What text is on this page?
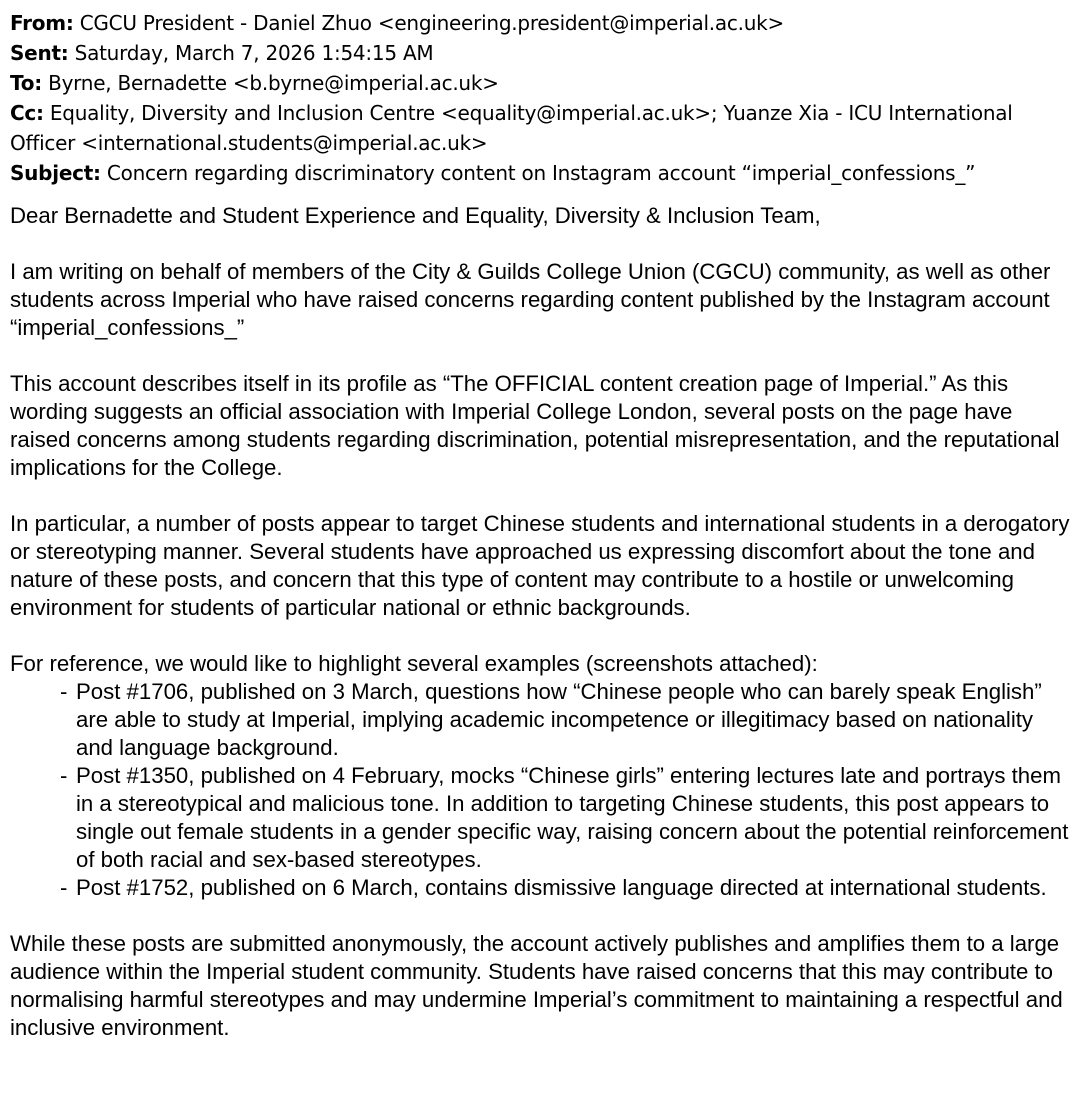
From: CGCU President - Daniel Zhuo <engineering.president@imperial.ac.uk>

Sent: Saturday, March 7, 2026 1:54:15 AM

To: Byrne, Bernadette <b.byrne@imperial.ac.uk>

Cc: Equality, Diversity and Inclusion Centre <equality@imperial.ac.uk>; Yuanze Xia - ICU International Officer <international.students@imperial.ac.uk>

Subject: Concern regarding discriminatory content on Instagram account “imperial_confessions_”

Dear Bernadette and Student Experience and Equality, Diversity & Inclusion Team,

I am writing on behalf of members of the City & Guilds College Union (CGCU) community, as well as other students across Imperial who have raised concerns regarding content published by the Instagram account “imperial_confessions_”

This account describes itself in its profile as “The OFFICIAL content creation page of Imperial.” As this wording suggests an official association with Imperial College London, several posts on the page have raised concerns among students regarding discrimination, potential misrepresentation, and the reputational implications for the College.

In particular, a number of posts appear to target Chinese students and international students in a derogatory or stereotyping manner. Several students have approached us expressing discomfort about the tone and nature of these posts, and concern that this type of content may contribute to a hostile or unwelcoming environment for students of particular national or ethnic backgrounds.

For reference, we would like to highlight several examples (screenshots attached):

- Post #1706, published on 3 March, questions how “Chinese people who can barely speak English” are able to study at Imperial, implying academic incompetence or illegitimacy based on nationality and language background.
- Post #1350, published on 4 February, mocks “Chinese girls” entering lectures late and portrays them in a stereotypical and malicious tone. In addition to targeting Chinese students, this post appears to single out female students in a gender specific way, raising concern about the potential reinforcement of both racial and sex-based stereotypes.
- Post #1752, published on 6 March, contains dismissive language directed at international students.

While these posts are submitted anonymously, the account actively publishes and amplifies them to a large audience within the Imperial student community. Students have raised concerns that this may contribute to normalising harmful stereotypes and may undermine Imperial’s commitment to maintaining a respectful and inclusive environment.
